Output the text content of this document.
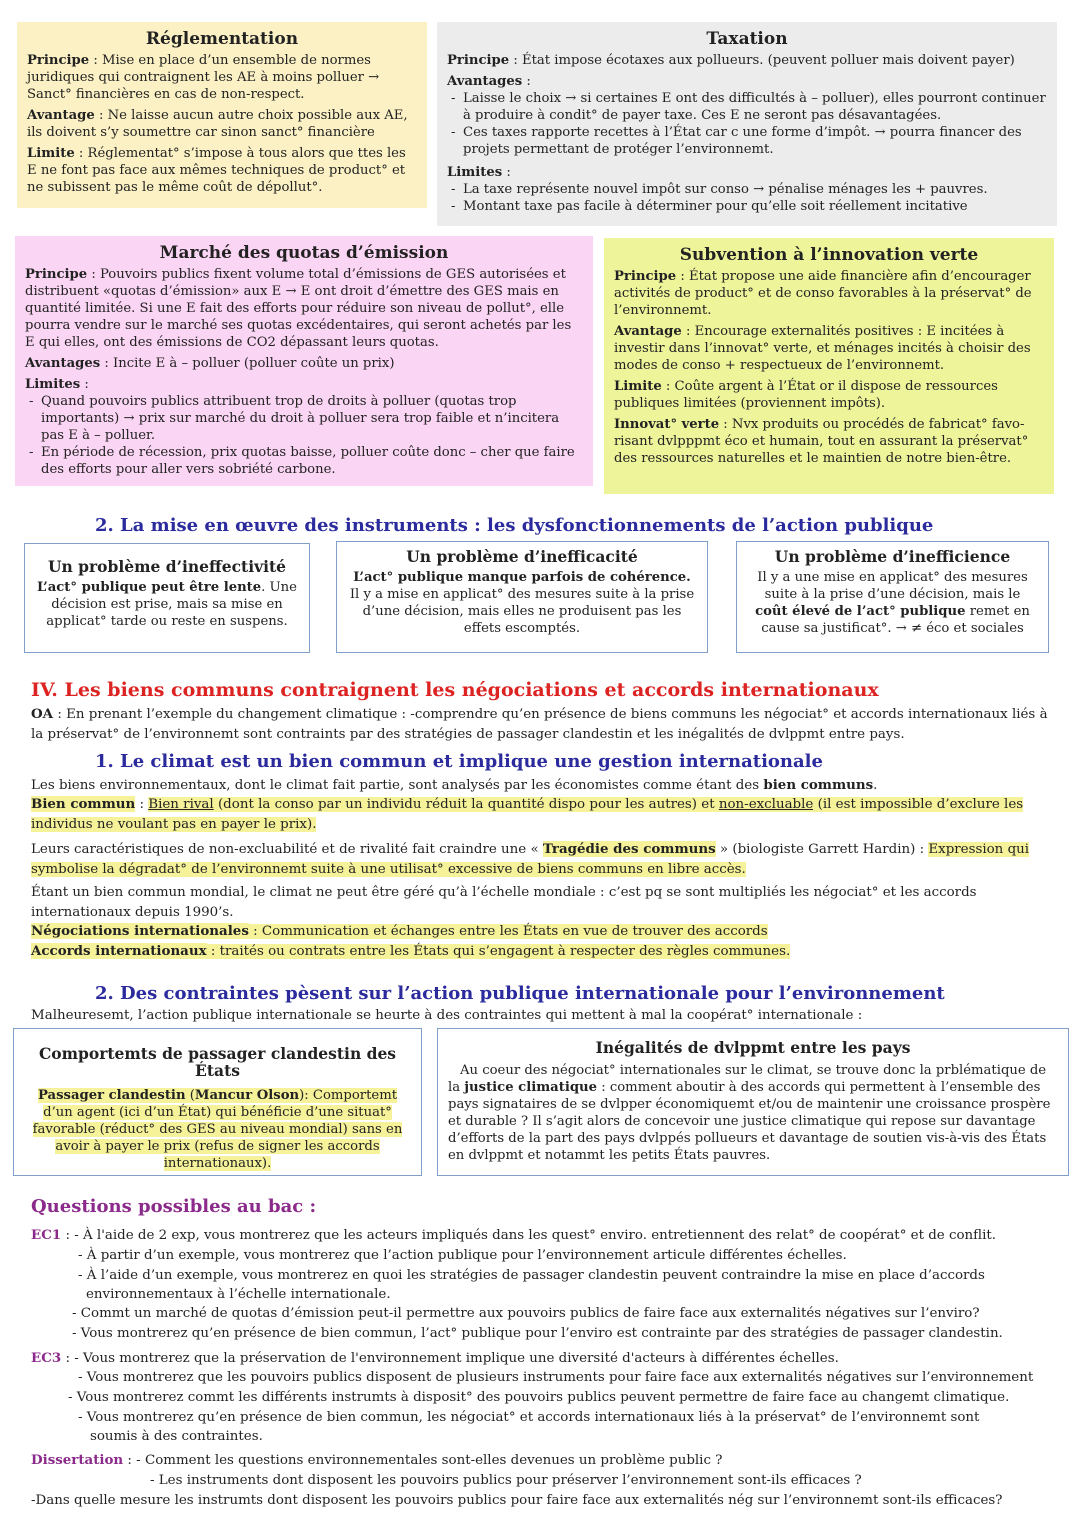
Réglementation

Principe : Mise en place d’un ensemble de normes juridiques qui contraignent les AE à moins polluer → Sanct° financières en cas de non-respect.

Avantage : Ne laisse aucun autre choix possible aux AE, ils doivent s’y soumettre car sinon sanct° financière

Limite : Réglementat° s’impose à tous alors que ttes les E ne font pas face aux mêmes techniques de product° et ne subissent pas le même coût de dépollut°.

Taxation

Principe : État impose écotaxes aux pollueurs. (peuvent polluer mais doivent payer)

Avantages :
- Laisse le choix → si certaines E ont des difficultés à – polluer), elles pourront continuer à produire à condit° de payer taxe. Ces E ne seront pas désavantagées.
- Ces taxes rapporte recettes à l’État car c une forme d’impôt. → pourra financer des projets permettant de protéger l’environnemt.
Limites :
- La taxe représente nouvel impôt sur conso → pénalise ménages les + pauvres.
- Montant taxe pas facile à déterminer pour qu’elle soit réellement incitative
Marché des quotas d’émission

Principe : Pouvoirs publics fixent volume total d’émissions de GES autorisées et distribuent «quotas d’émission» aux E → E ont droit d’émettre des GES mais en quantité limitée. Si une E fait des efforts pour réduire son niveau de pollut°, elle pourra vendre sur le marché ses quotas excédentaires, qui seront achetés par les E qui elles, ont des émissions de CO2 dépassant leurs quotas.

Avantages : Incite E à – polluer (polluer coûte un prix)

Limites :
- Quand pouvoirs publics attribuent trop de droits à polluer (quotas trop importants) → prix sur marché du droit à polluer sera trop faible et n’incitera pas E à – polluer.
- En période de récession, prix quotas baisse, polluer coûte donc – cher que faire des efforts pour aller vers sobriété carbone.
Subvention à l’innovation verte

Principe : État propose une aide financière afin d’encourager activités de product° et de conso favorables à la préservat° de l’environnemt.

Avantage : Encourage externalités positives : E incitées à investir dans l’innovat° verte, et ménages incités à choisir des modes de conso + respectueux de l’environnemt.

Limite : Coûte argent à l’État or il dispose de ressources publiques limitées (proviennent impôts).

Innovat° verte : Nvx produits ou procédés de fabricat° favo-risant dvlpppmt éco et humain, tout en assurant la préservat° des ressources naturelles et le maintien de notre bien-être.

2. La mise en œuvre des instruments : les dysfonctionnements de l’action publique
Un problème d’ineffectivité
L’act° publique peut être lente. Une décision est prise, mais sa mise en applicat° tarde ou reste en suspens.
Un problème d’inefficacité
L’act° publique manque parfois de cohérence. Il y a mise en applicat° des mesures suite à la prise d’une décision, mais elles ne produisent pas les effets escomptés.
Un problème d’inefficience
Il y a une mise en applicat° des mesures suite à la prise d’une décision, mais le coût élevé de l’act° publique remet en cause sa justificat°. → ≠ éco et sociales
IV. Les biens communs contraignent les négociations et accords internationaux
OA : En prenant l’exemple du changement climatique : -comprendre qu’en présence de biens communs les négociat° et accords internationaux liés à la préservat° de l’environnemt sont contraints par des stratégies de passager clandestin et les inégalités de dvlppmt entre pays.
1. Le climat est un bien commun et implique une gestion internationale
Les biens environnementaux, dont le climat fait partie, sont analysés par les économistes comme étant des bien communs.
Bien commun : Bien rival (dont la conso par un individu réduit la quantité dispo pour les autres) et non-excluable (il est impossible d’exclure les individus ne voulant pas en payer le prix).
Leurs caractéristiques de non-excluabilité et de rivalité fait craindre une « Tragédie des communs » (biologiste Garrett Hardin) : Expression qui symbolise la dégradat° de l’environnemt suite à une utilisat° excessive de biens communs en libre accès.
Étant un bien commun mondial, le climat ne peut être géré qu’à l’échelle mondiale : c’est pq se sont multipliés les négociat° et les accords internationaux depuis 1990’s.
Négociations internationales : Communication et échanges entre les États en vue de trouver des accords
Accords internationaux : traités ou contrats entre les États qui s’engagent à respecter des règles communes.
2. Des contraintes pèsent sur l’action publique internationale pour l’environnement
Malheuresemt, l’action publique internationale se heurte à des contraintes qui mettent à mal la coopérat° internationale :
Comportemts de passager clandestin des États
Passager clandestin (Mancur Olson): Comportemt d’un agent (ici d’un État) qui bénéficie d’une situat° favorable (réduct° des GES au niveau mondial) sans en avoir à payer le prix (refus de signer les accords internationaux).
Inégalités de dvlppmt entre les pays
Au coeur des négociat° internationales sur le climat, se trouve donc la prblématique de la justice climatique : comment aboutir à des accords qui permettent à l’ensemble des pays signataires de se dvlpper économiquemt et/ou de maintenir une croissance prospère et durable ? Il s’agit alors de concevoir une justice climatique qui repose sur davantage d’efforts de la part des pays dvlppés pollueurs et davantage de soutien vis-à-vis des États en dvlppmt et notammt les petits États pauvres.
Questions possibles au bac :
EC1 : - À l'aide de 2 exp, vous montrerez que les acteurs impliqués dans les quest° enviro. entretiennent des relat° de coopérat° et de conflit.
- À partir d’un exemple, vous montrerez que l’action publique pour l’environnement articule différentes échelles.
- À l’aide d’un exemple, vous montrerez en quoi les stratégies de passager clandestin peuvent contraindre la mise en place d’accords
environnementaux à l’échelle internationale.
- Commt un marché de quotas d’émission peut-il permettre aux pouvoirs publics de faire face aux externalités négatives sur l’enviro?
- Vous montrerez qu’en présence de bien commun, l’act° publique pour l’enviro est contrainte par des stratégies de passager clandestin.
EC3 : - Vous montrerez que la préservation de l'environnement implique une diversité d'acteurs à différentes échelles.
- Vous montrerez que les pouvoirs publics disposent de plusieurs instruments pour faire face aux externalités négatives sur l’environnement
- Vous montrerez commt les différents instrumts à disposit° des pouvoirs publics peuvent permettre de faire face au changemt climatique.
- Vous montrerez qu’en présence de bien commun, les négociat° et accords internationaux liés à la préservat° de l’environnemt sont
soumis à des contraintes.
Dissertation : - Comment les questions environnementales sont-elles devenues un problème public ?
- Les instruments dont disposent les pouvoirs publics pour préserver l’environnement sont-ils efficaces ?
-Dans quelle mesure les instrumts dont disposent les pouvoirs publics pour faire face aux externalités nég sur l’environnemt sont-ils efficaces?
